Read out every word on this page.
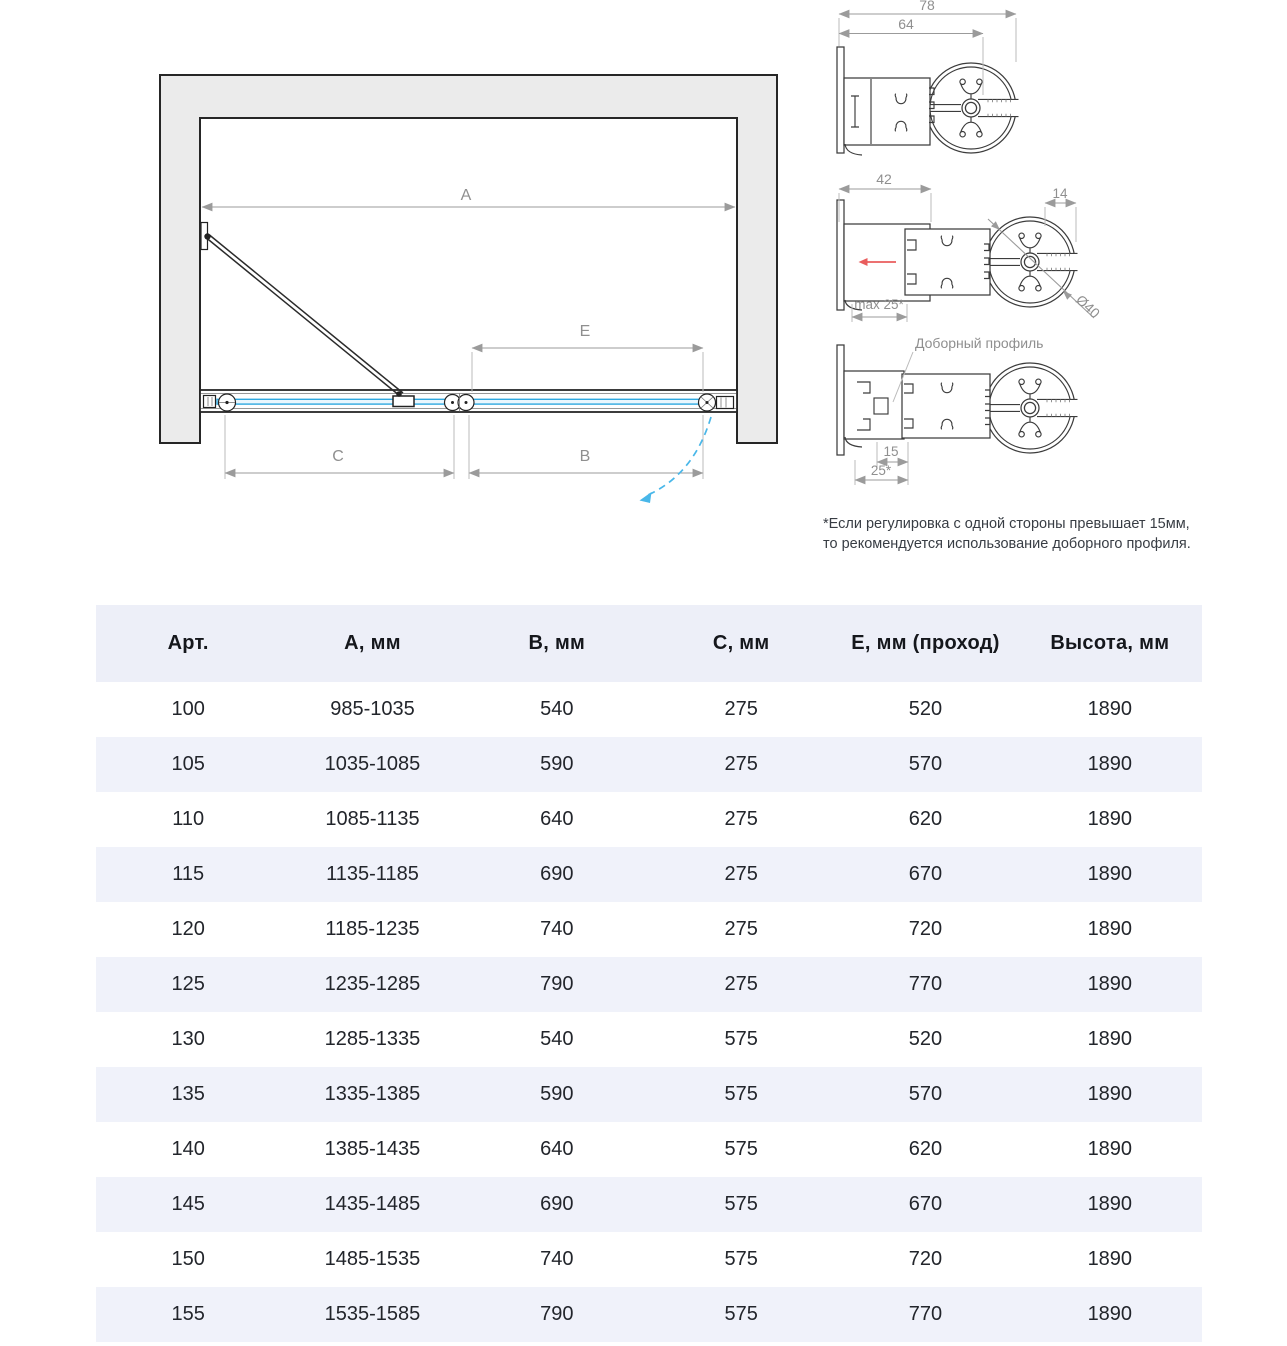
A
E
C	B
78
64
42
max 25*
14
Ø40
Доборный профиль
15
25*
*Если регулировка с одной стороны превышает 15мм,
то рекомендуется использование доборного профиля.
Арт.	А, мм	В, мм	С, мм	Е, мм (проход)	Высота, мм
100	985-1035	540	275	520	1890
105	1035-1085	590	275	570	1890
110	1085-1135	640	275	620	1890
115	1135-1185	690	275	670	1890
120	1185-1235	740	275	720	1890
125	1235-1285	790	275	770	1890
130	1285-1335	540	575	520	1890
135	1335-1385	590	575	570	1890
140	1385-1435	640	575	620	1890
145	1435-1485	690	575	670	1890
150	1485-1535	740	575	720	1890
155	1535-1585	790	575	770	1890
